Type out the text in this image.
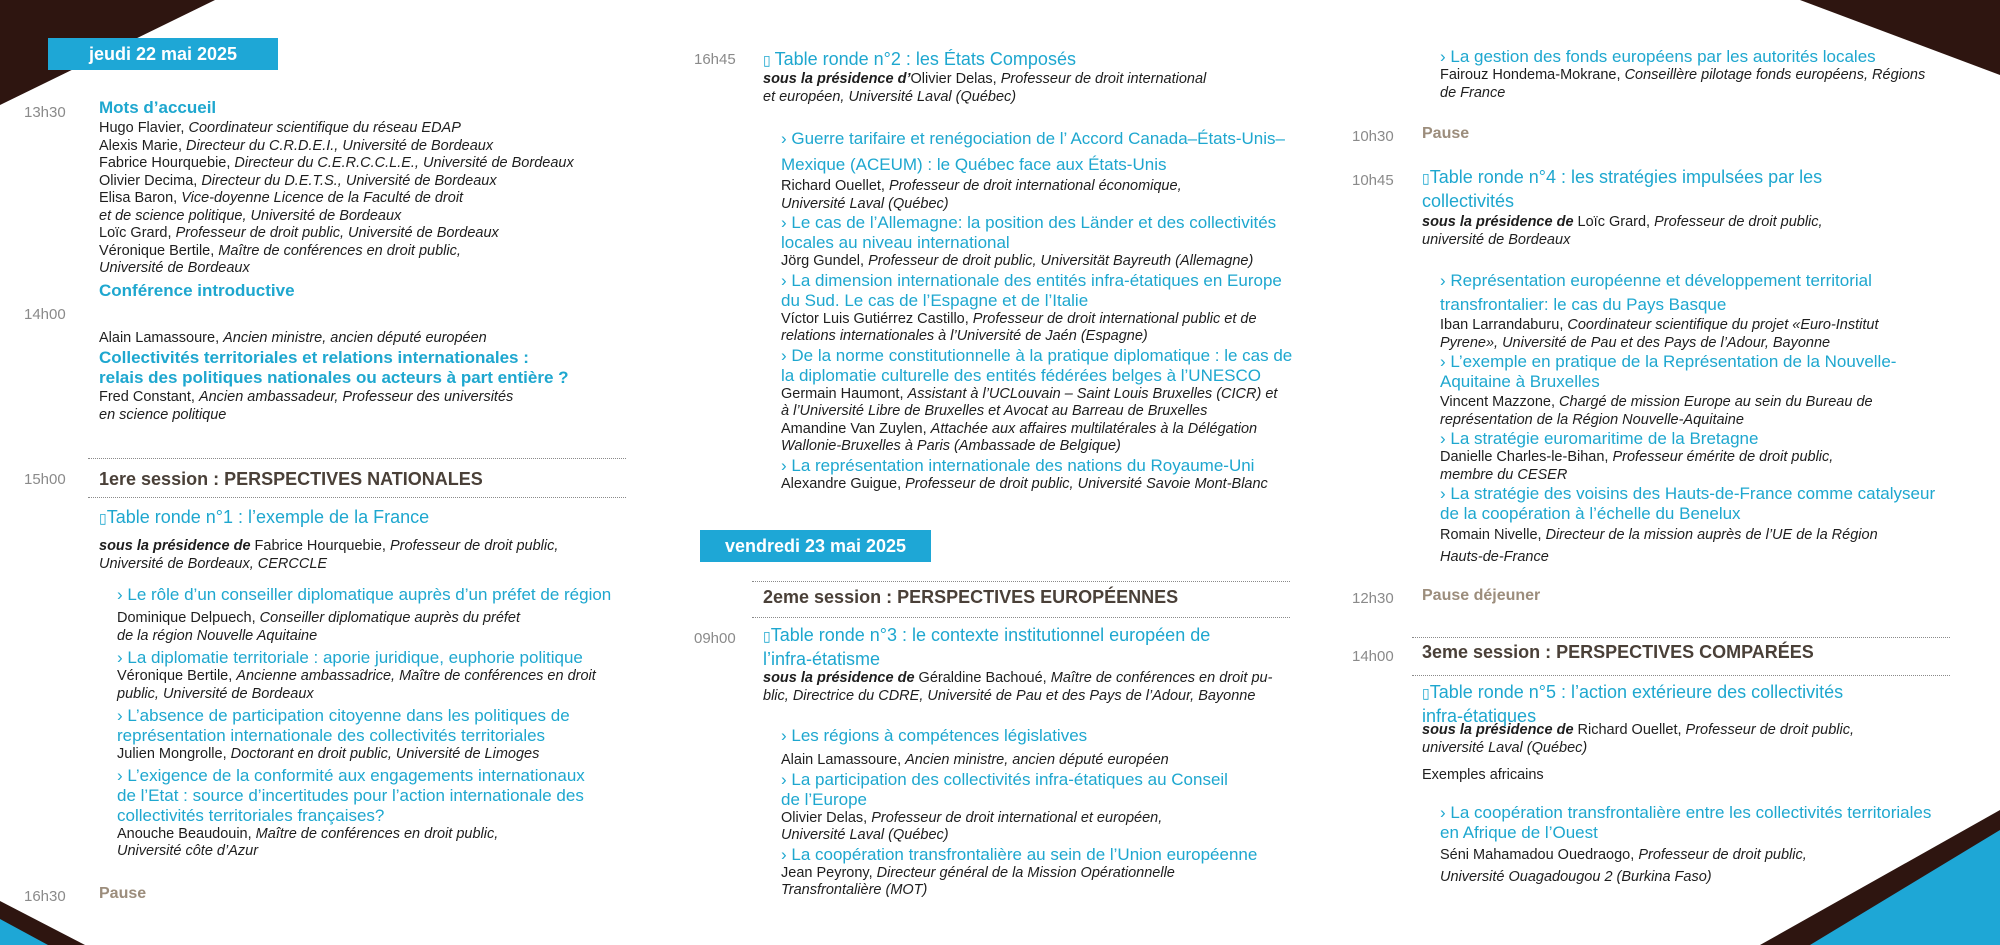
jeudi 22 mai 2025
13h30 Mots d’accueil
Hugo Flavier, Coordinateur scientifique du réseau EDAP
Alexis Marie, Directeur du C.R.D.E.I., Université de Bordeaux
Fabrice Hourquebie, Directeur du C.E.R.C.C.L.E., Université de Bordeaux
Olivier Decima, Directeur du D.E.T.S., Université de Bordeaux
Elisa Baron, Vice-doyenne Licence de la Faculté de droit
et de science politique, Université de Bordeaux
Loïc Grard, Professeur de droit public, Université de Bordeaux
Véronique Bertile, Maître de conférences en droit public,
Université de Bordeaux
Conférence introductive
14h00
Alain Lamassoure, Ancien ministre, ancien député européen
Collectivités territoriales et relations internationales :
relais des politiques nationales ou acteurs à part entière ?
Fred Constant, Ancien ambassadeur, Professeur des universités
en science politique
15h00 1ere session : PERSPECTIVES NATIONALES
▯Table ronde n°1 : l’exemple de la France
sous la présidence de Fabrice Hourquebie, Professeur de droit public,
Université de Bordeaux, CERCCLE
› Le rôle d’un conseiller diplomatique auprès d’un préfet de région
Dominique Delpuech, Conseiller diplomatique auprès du préfet
de la région Nouvelle Aquitaine
› La diplomatie territoriale : aporie juridique, euphorie politique
Véronique Bertile, Ancienne ambassadrice, Maître de conférences en droit
public, Université de Bordeaux
› L’absence de participation citoyenne dans les politiques de
représentation internationale des collectivités territoriales
Julien Mongrolle, Doctorant en droit public, Université de Limoges
› L’exigence de la conformité aux engagements internationaux
de l’Etat : source d’incertitudes pour l’action internationale des
collectivités territoriales françaises?
Anouche Beaudouin, Maître de conférences en droit public,
Université côte d’Azur
16h30 Pause
16h45 ▯ Table ronde n°2 : les États Composés
sous la présidence d’Olivier Delas, Professeur de droit international
et européen, Université Laval (Québec)
› Guerre tarifaire et renégociation de l’ Accord Canada–États-Unis–
Mexique (ACEUM) : le Québec face aux États-Unis
Richard Ouellet, Professeur de droit international économique,
Université Laval (Québec)
› Le cas de l’Allemagne: la position des Länder et des collectivités
locales au niveau international
Jörg Gundel, Professeur de droit public, Universität Bayreuth (Allemagne)
› La dimension internationale des entités infra-étatiques en Europe
du Sud. Le cas de l’Espagne et de l’Italie
Víctor Luis Gutiérrez Castillo, Professeur de droit international public et de
relations internationales à l’Université de Jaén (Espagne)
› De la norme constitutionnelle à la pratique diplomatique : le cas de
la diplomatie culturelle des entités fédérées belges à l’UNESCO
Germain Haumont, Assistant à l’UCLouvain – Saint Louis Bruxelles (CICR) et
à l’Université Libre de Bruxelles et Avocat au Barreau de Bruxelles
Amandine Van Zuylen, Attachée aux affaires multilatérales à la Délégation
Wallonie-Bruxelles à Paris (Ambassade de Belgique)
› La représentation internationale des nations du Royaume-Uni
Alexandre Guigue, Professeur de droit public, Université Savoie Mont-Blanc
vendredi 23 mai 2025
2eme session : PERSPECTIVES EUROPÉENNES
09h00 ▯Table ronde n°3 : le contexte institutionnel européen de
l’infra-étatisme
sous la présidence de Géraldine Bachoué, Maître de conférences en droit pu-
blic, Directrice du CDRE, Université de Pau et des Pays de l’Adour, Bayonne
› Les régions à compétences législatives
Alain Lamassoure, Ancien ministre, ancien député européen
› La participation des collectivités infra-étatiques au Conseil
de l’Europe
Olivier Delas, Professeur de droit international et européen,
Université Laval (Québec)
› La coopération transfrontalière au sein de l’Union européenne
Jean Peyrony, Directeur général de la Mission Opérationnelle
Transfrontalière (MOT)
› La gestion des fonds européens par les autorités locales
Fairouz Hondema-Mokrane, Conseillère pilotage fonds européens, Régions
de France
10h30 Pause
10h45 ▯Table ronde n°4 : les stratégies impulsées par les
collectivités
sous la présidence de Loïc Grard, Professeur de droit public,
université de Bordeaux
› Représentation européenne et développement territorial
transfrontalier: le cas du Pays Basque
Iban Larrandaburu, Coordinateur scientifique du projet «Euro-Institut
Pyrene», Université de Pau et des Pays de l’Adour, Bayonne
› L’exemple en pratique de la Représentation de la Nouvelle-
Aquitaine à Bruxelles
Vincent Mazzone, Chargé de mission Europe au sein du Bureau de
représentation de la Région Nouvelle-Aquitaine
› La stratégie euromaritime de la Bretagne
Danielle Charles-le-Bihan, Professeur émérite de droit public,
membre du CESER
› La stratégie des voisins des Hauts-de-France comme catalyseur
de la coopération à l’échelle du Benelux
Romain Nivelle, Directeur de la mission auprès de l’UE de la Région
Hauts-de-France
12h30 Pause déjeuner
14h00 3eme session : PERSPECTIVES COMPARÉES
▯Table ronde n°5 : l’action extérieure des collectivités
infra-étatiques
sous la présidence de Richard Ouellet, Professeur de droit public,
université Laval (Québec)
Exemples africains
› La coopération transfrontalière entre les collectivités territoriales
en Afrique de l’Ouest
Séni Mahamadou Ouedraogo, Professeur de droit public,
Université Ouagadougou 2 (Burkina Faso)
